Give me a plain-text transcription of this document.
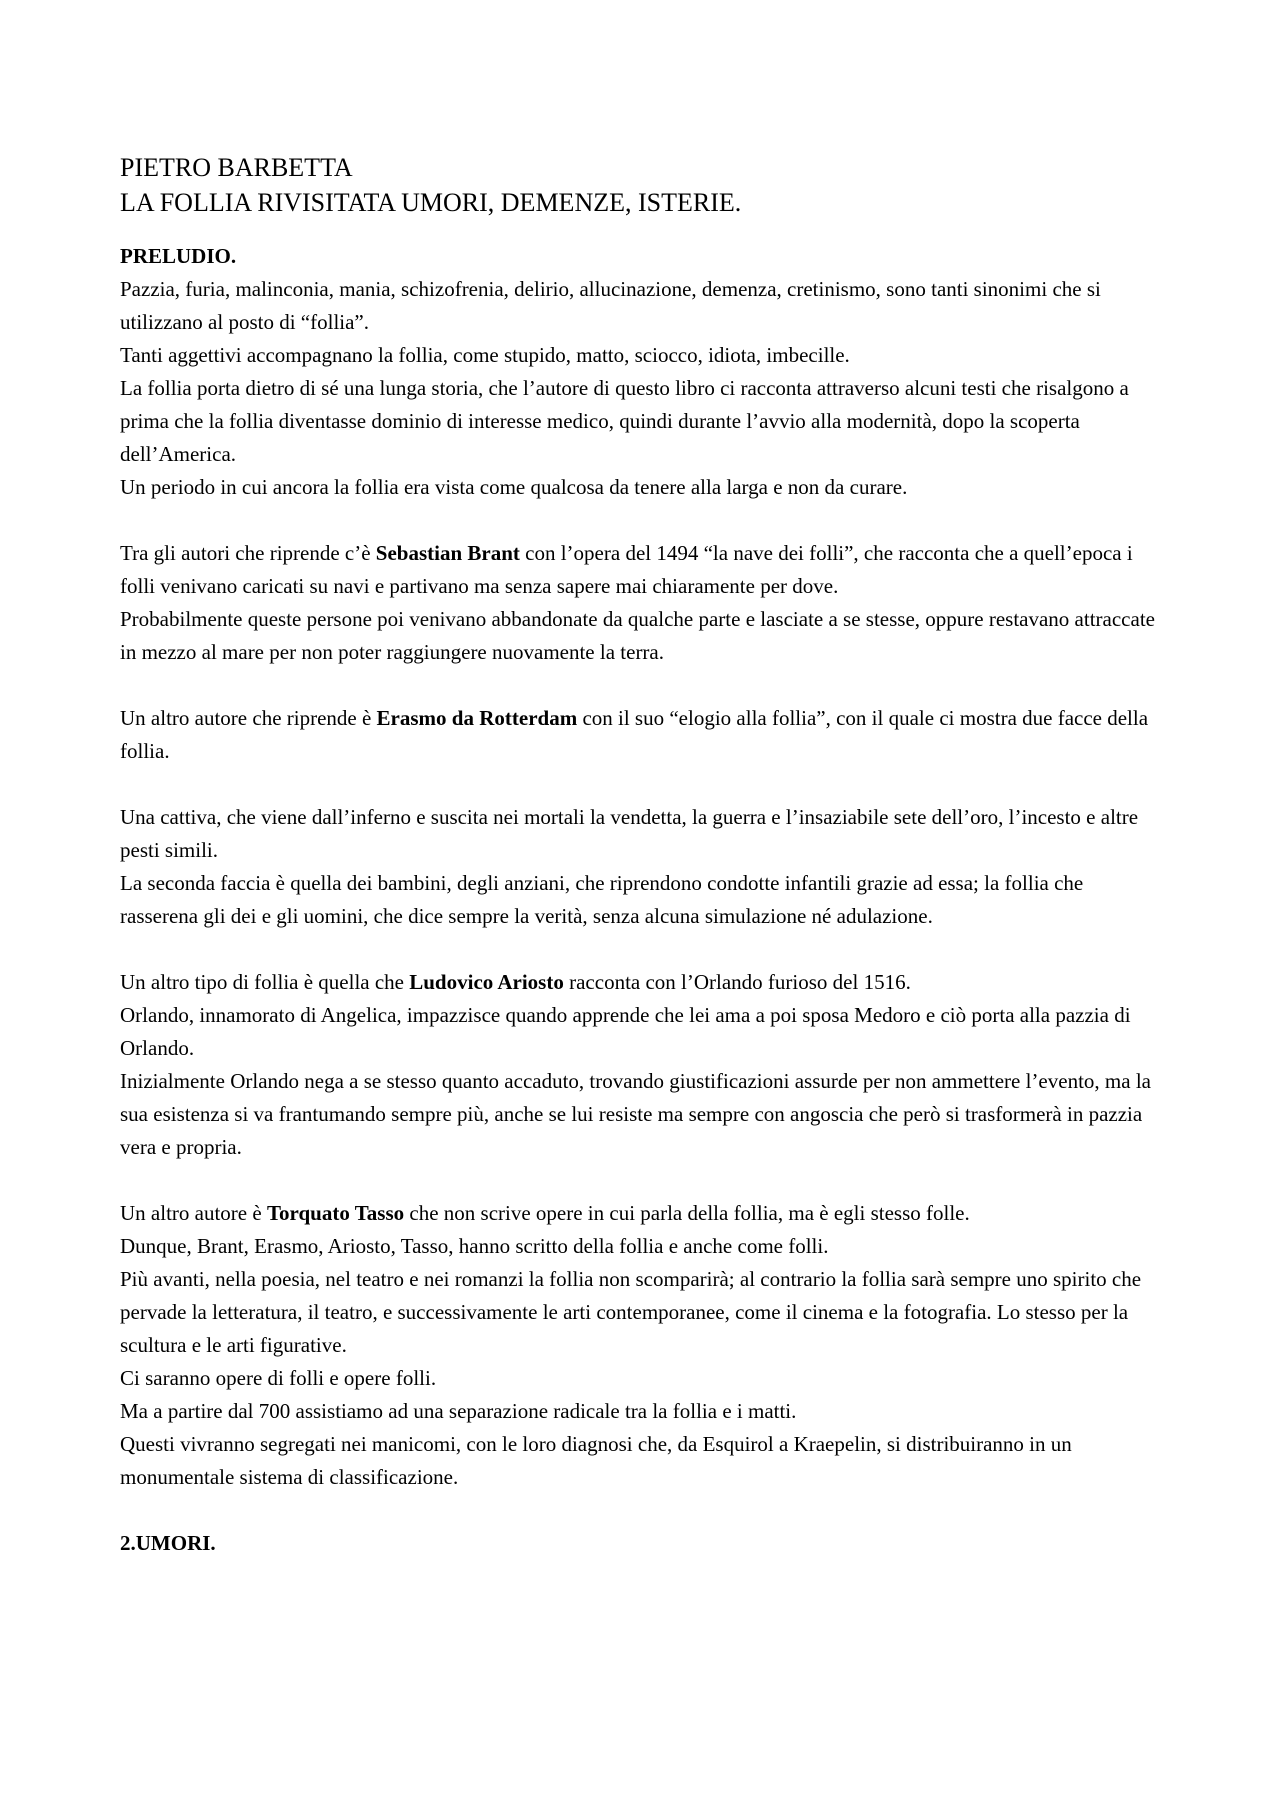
PIETRO BARBETTA
LA FOLLIA RIVISITATA UMORI, DEMENZE, ISTERIE.
PRELUDIO.

Pazzia, furia, malinconia, mania, schizofrenia, delirio, allucinazione, demenza, cretinismo, sono tanti sinonimi che si utilizzano al posto di “follia”.

Tanti aggettivi accompagnano la follia, come stupido, matto, sciocco, idiota, imbecille.

La follia porta dietro di sé una lunga storia, che l’autore di questo libro ci racconta attraverso alcuni testi che risalgono a prima che la follia diventasse dominio di interesse medico, quindi durante l’avvio alla modernità, dopo la scoperta dell’America.

Un periodo in cui ancora la follia era vista come qualcosa da tenere alla larga e non da curare.

Tra gli autori che riprende c’è Sebastian Brant con l’opera del 1494 “la nave dei folli”, che racconta che a quell’epoca i folli venivano caricati su navi e partivano ma senza sapere mai chiaramente per dove.

Probabilmente queste persone poi venivano abbandonate da qualche parte e lasciate a se stesse, oppure restavano attraccate in mezzo al mare per non poter raggiungere nuovamente la terra.

Un altro autore che riprende è Erasmo da Rotterdam con il suo “elogio alla follia”, con il quale ci mostra due facce della follia.

Una cattiva, che viene dall’inferno e suscita nei mortali la vendetta, la guerra e l’insaziabile sete dell’oro, l’incesto e altre pesti simili.

La seconda faccia è quella dei bambini, degli anziani, che riprendono condotte infantili grazie ad essa; la follia che rasserena gli dei e gli uomini, che dice sempre la verità, senza alcuna simulazione né adulazione.

Un altro tipo di follia è quella che Ludovico Ariosto racconta con l’Orlando furioso del 1516.

Orlando, innamorato di Angelica, impazzisce quando apprende che lei ama a poi sposa Medoro e ciò porta alla pazzia di Orlando.

Inizialmente Orlando nega a se stesso quanto accaduto, trovando giustificazioni assurde per non ammettere l’evento, ma la sua esistenza si va frantumando sempre più, anche se lui resiste ma sempre con angoscia che però si trasformerà in pazzia vera e propria.

Un altro autore è Torquato Tasso che non scrive opere in cui parla della follia, ma è egli stesso folle.

Dunque, Brant, Erasmo, Ariosto, Tasso, hanno scritto della follia e anche come folli.

Più avanti, nella poesia, nel teatro e nei romanzi la follia non scomparirà; al contrario la follia sarà sempre uno spirito che pervade la letteratura, il teatro, e successivamente le arti contemporanee, come il cinema e la fotografia. Lo stesso per la scultura e le arti figurative.

Ci saranno opere di folli e opere folli.

Ma a partire dal 700 assistiamo ad una separazione radicale tra la follia e i matti.

Questi vivranno segregati nei manicomi, con le loro diagnosi che, da Esquirol a Kraepelin, si distribuiranno in un monumentale sistema di classificazione.

2.UMORI.
